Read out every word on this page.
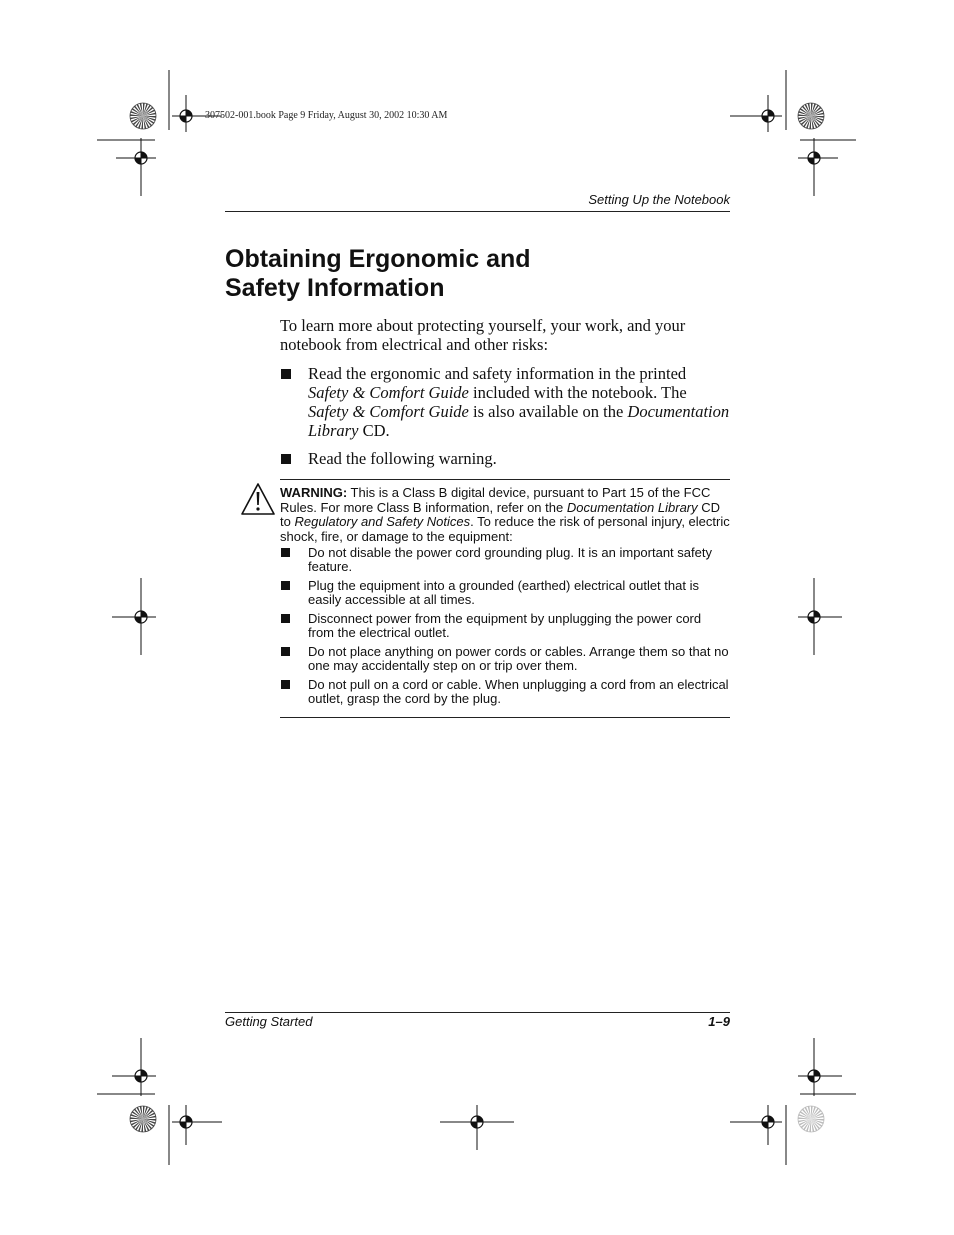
307502-001.book Page 9 Friday, August 30, 2002 10:30 AM
Setting Up the Notebook
Obtaining Ergonomic and
Safety Information

To learn more about protecting yourself, your work, and your notebook from electrical and other risks:

Read the ergonomic and safety information in the printed Safety & Comfort Guide included with the notebook. The Safety & Comfort Guide is also available on the Documentation Library CD.
Read the following warning.

WARNING: This is a Class B digital device, pursuant to Part 15 of the FCC Rules. For more Class B information, refer on the Documentation Library CD to Regulatory and Safety Notices. To reduce the risk of personal injury, electric shock, fire, or damage to the equipment:

Do not disable the power cord grounding plug. It is an important safety feature.
Plug the equipment into a grounded (earthed) electrical outlet that is easily accessible at all times.
Disconnect power from the equipment by unplugging the power cord from the electrical outlet.
Do not place anything on power cords or cables. Arrange them so that no one may accidentally step on or trip over them.
Do not pull on a cord or cable. When unplugging a cord from an electrical outlet, grasp the cord by the plug.
Getting Started	1–9
